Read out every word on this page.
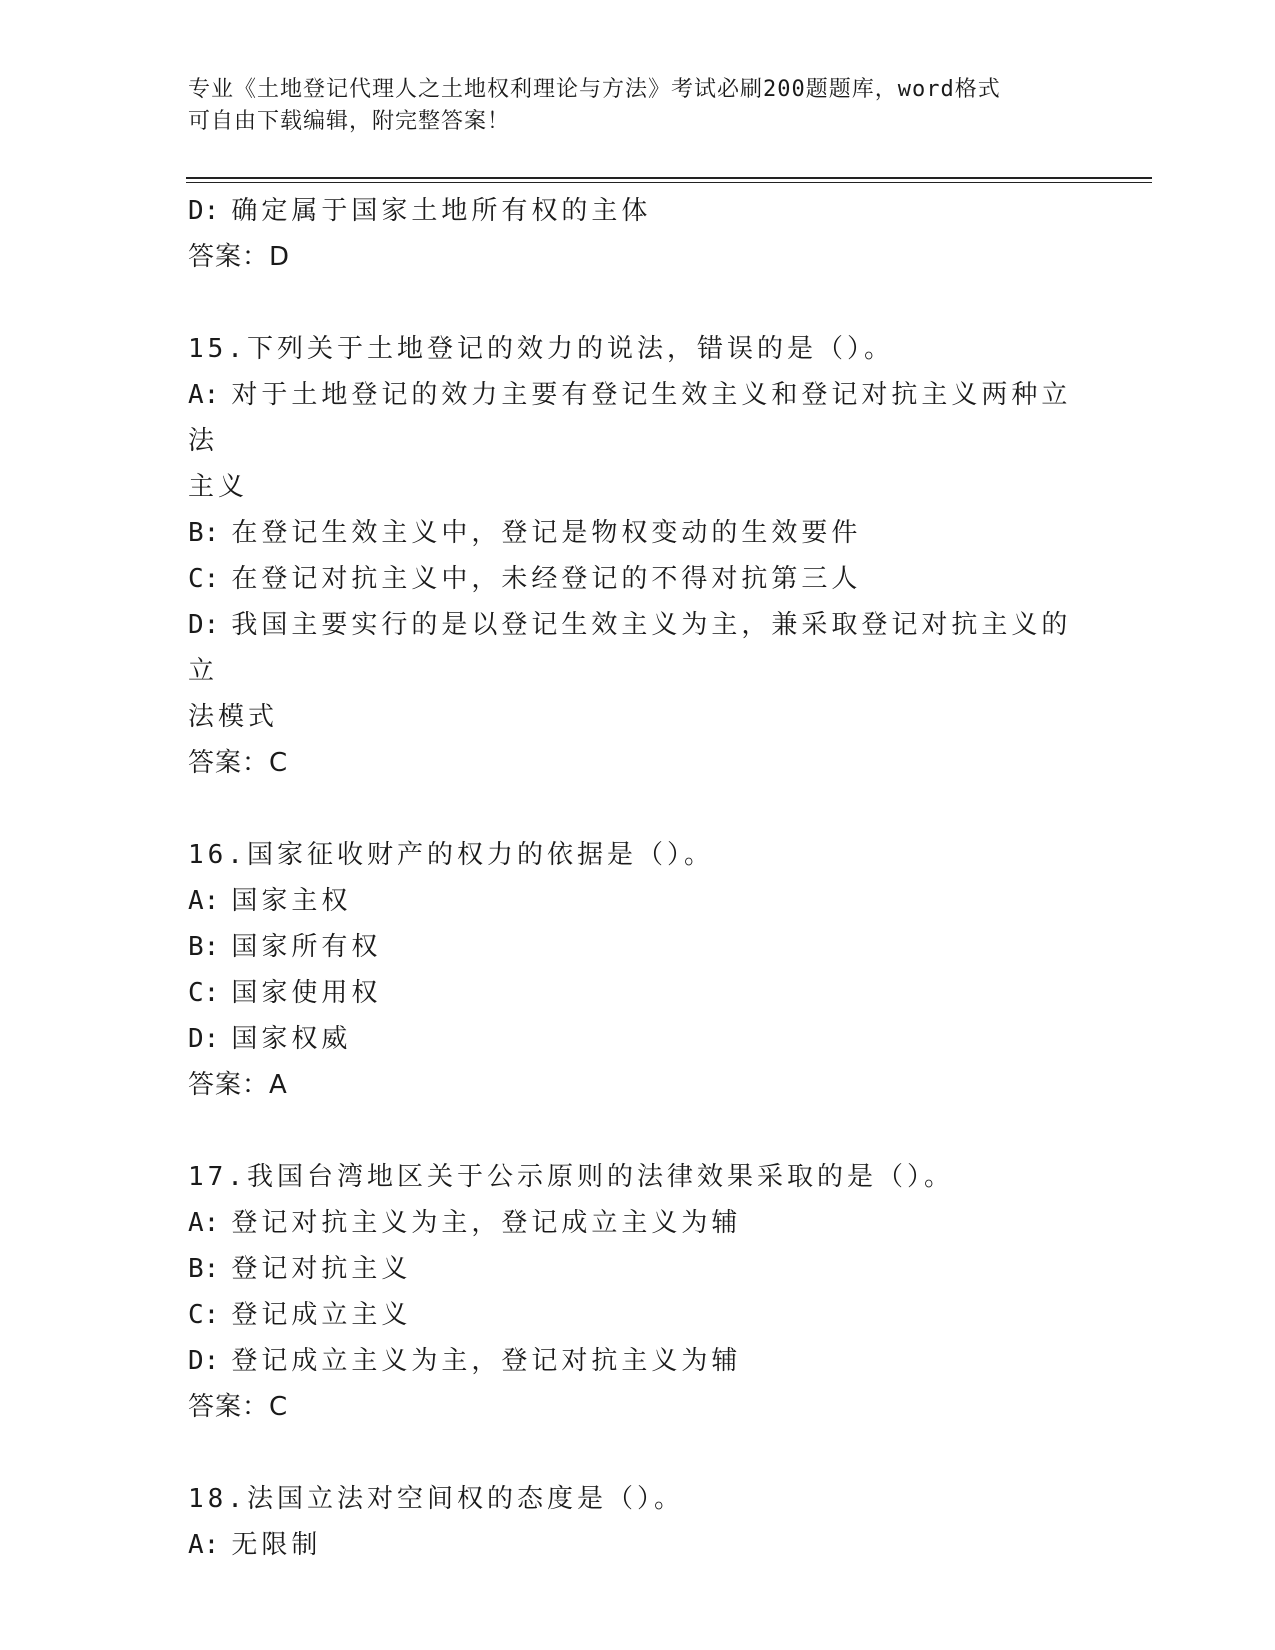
专业《土地登记代理人之土地权利理论与方法》考试必刷200题题库，word格式
可自由下载编辑，附完整答案！
D: 确定属于国家土地所有权的主体
答案：D
15.下列关于土地登记的效力的说法，错误的是（）。
A: 对于土地登记的效力主要有登记生效主义和登记对抗主义两种立法
主义
B: 在登记生效主义中，登记是物权变动的生效要件
C: 在登记对抗主义中，未经登记的不得对抗第三人
D: 我国主要实行的是以登记生效主义为主，兼采取登记对抗主义的立
法模式
答案：C
16.国家征收财产的权力的依据是（）。
A: 国家主权
B: 国家所有权
C: 国家使用权
D: 国家权威
答案：A
17.我国台湾地区关于公示原则的法律效果采取的是（）。
A: 登记对抗主义为主，登记成立主义为辅
B: 登记对抗主义
C: 登记成立主义
D: 登记成立主义为主，登记对抗主义为辅
答案：C
18.法国立法对空间权的态度是（）。
A: 无限制
